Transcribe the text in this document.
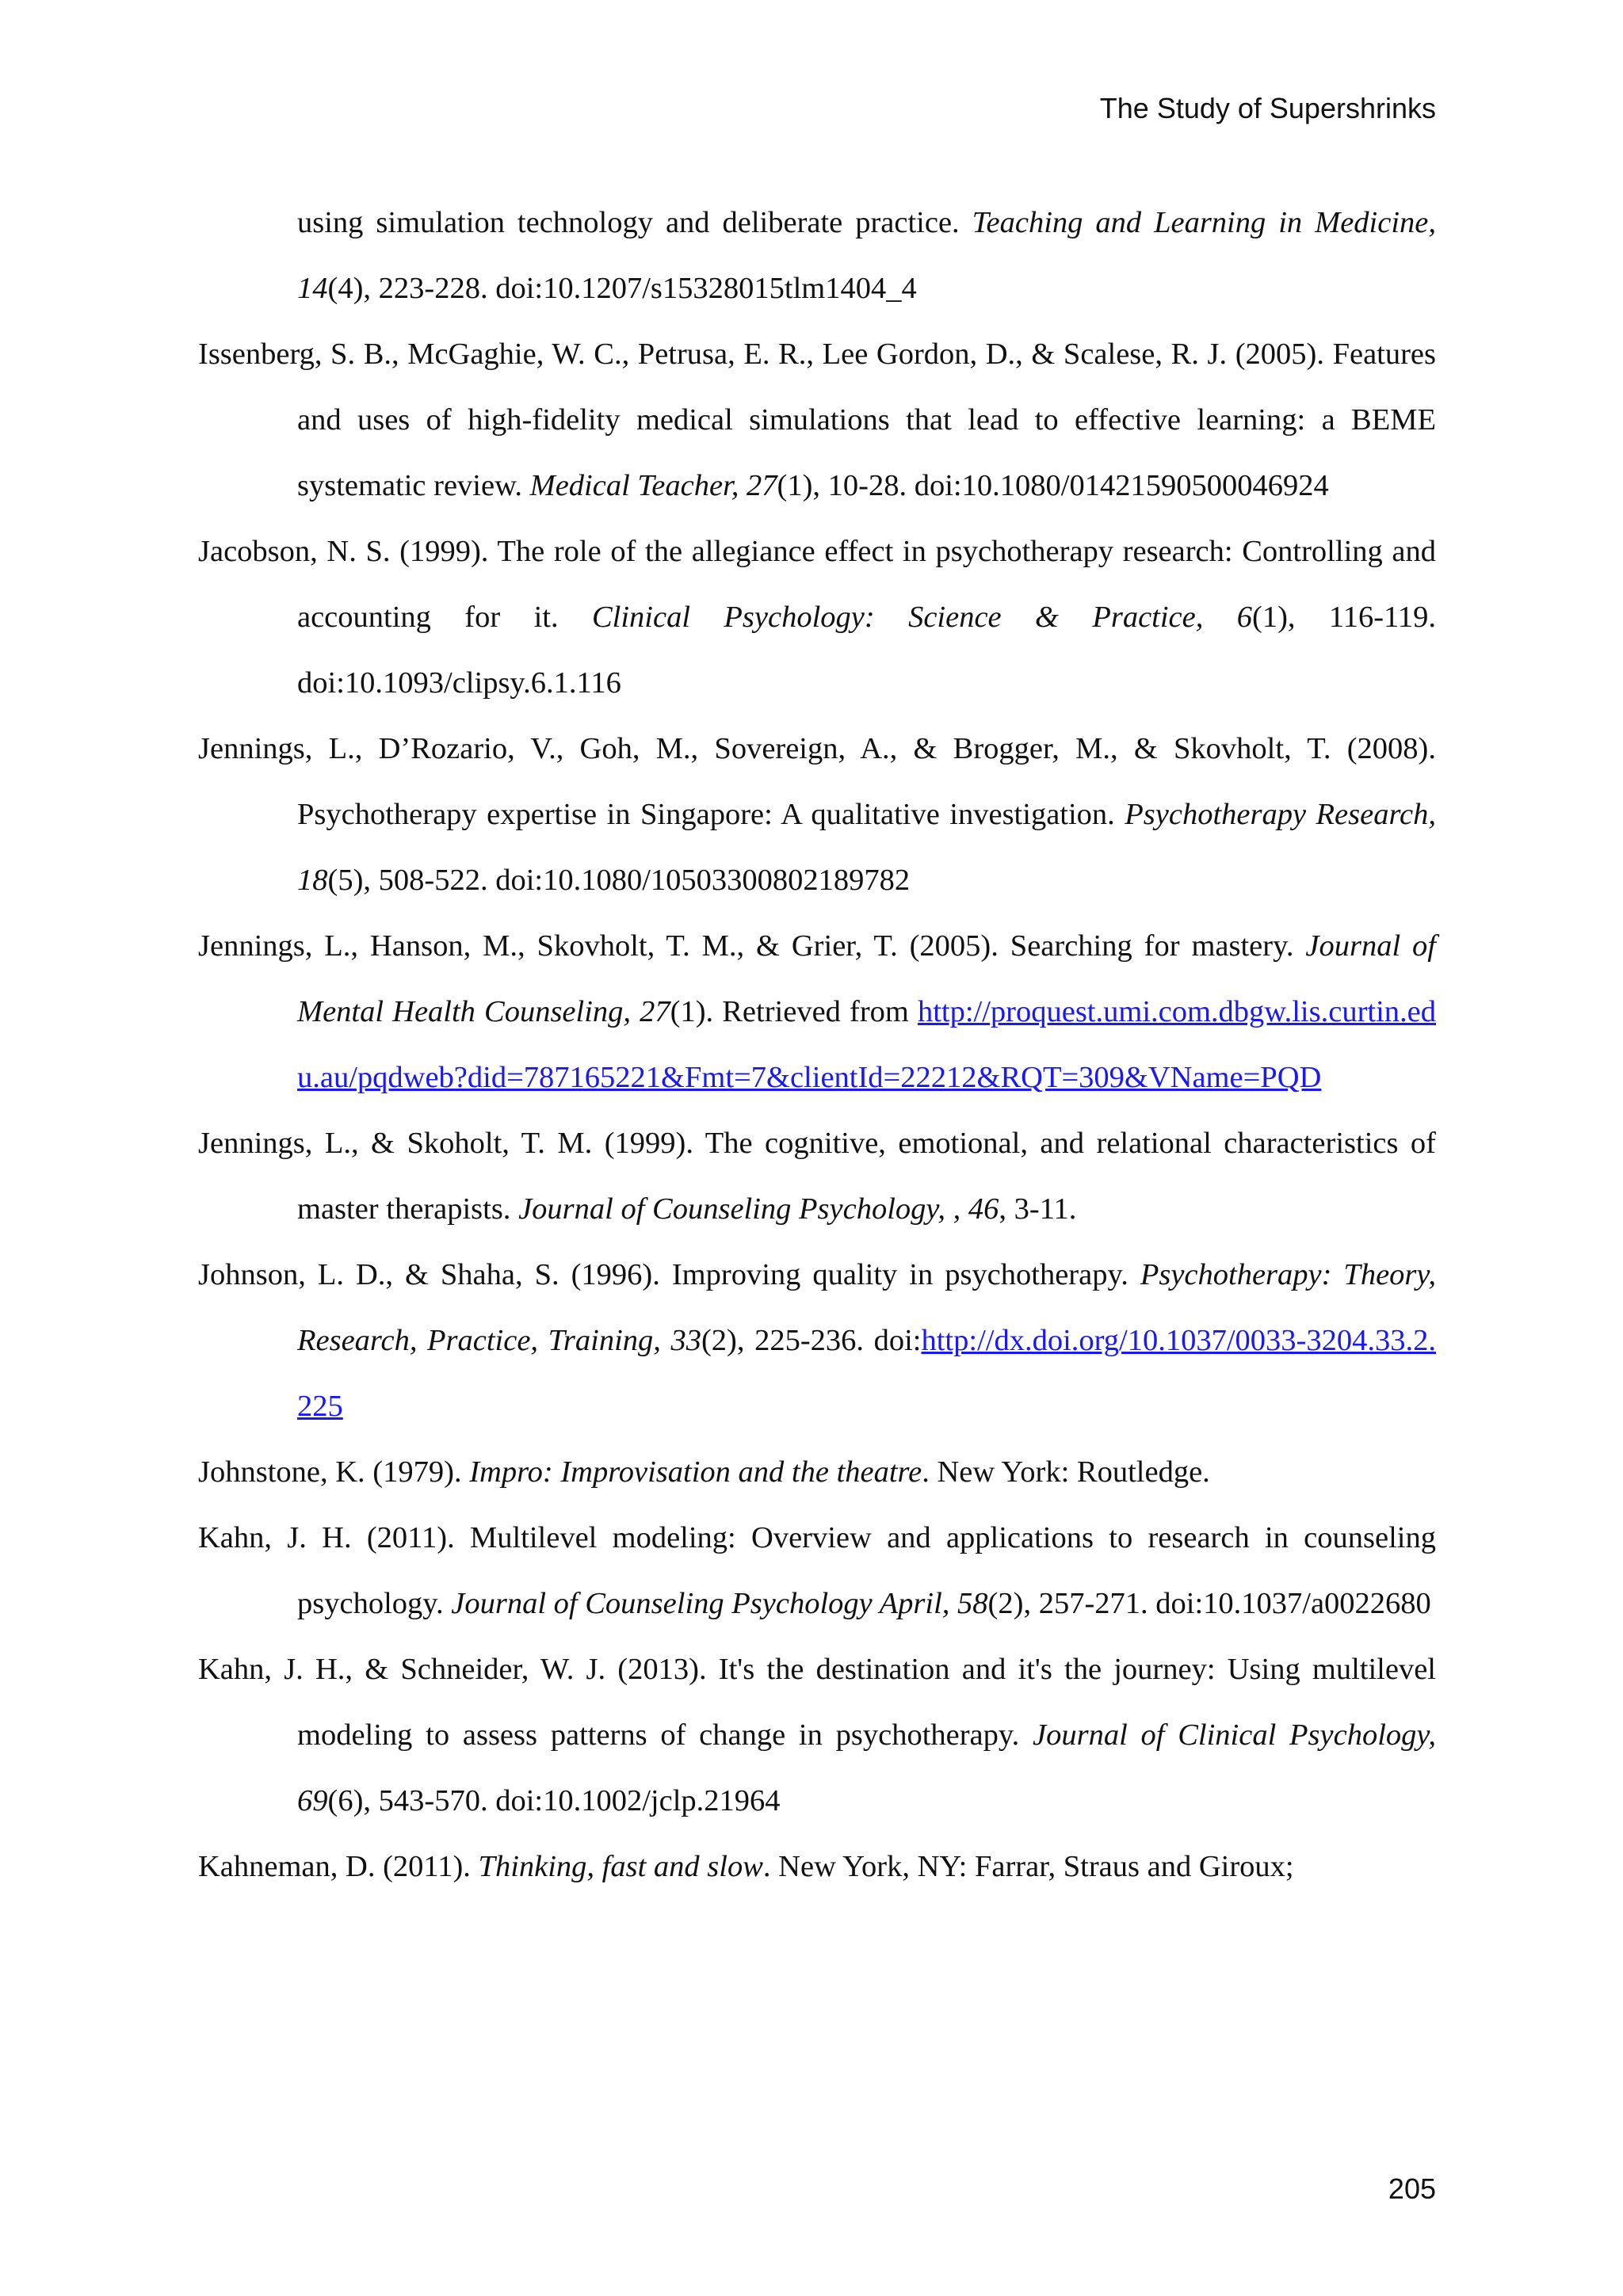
The Study of Supershrinks

using simulation technology and deliberate practice. Teaching and Learning in Medicine, 14(4), 223-228. doi:10.1207/s15328015tlm1404_4

Issenberg, S. B., McGaghie, W. C., Petrusa, E. R., Lee Gordon, D., & Scalese, R. J. (2005). Features and uses of high-fidelity medical simulations that lead to effective learning: a BEME systematic review. Medical Teacher, 27(1), 10-28. doi:10.1080/01421590500046924

Jacobson, N. S. (1999). The role of the allegiance effect in psychotherapy research: Controlling and accounting for it. Clinical Psychology: Science & Practice, 6(1), 116-119. doi:10.1093/clipsy.6.1.116

Jennings, L., D’Rozario, V., Goh, M., Sovereign, A., & Brogger, M., & Skovholt, T. (2008). Psychotherapy expertise in Singapore: A qualitative investigation. Psychotherapy Research, 18(5), 508-522. doi:10.1080/10503300802189782

Jennings, L., Hanson, M., Skovholt, T. M., & Grier, T. (2005). Searching for mastery. Journal of Mental Health Counseling, 27(1). Retrieved from http://proquest.umi.com.dbgw.lis.curtin.edu.au/pqdweb?did=787165221&Fmt=7&clientId=22212&RQT=309&VName=PQD

Jennings, L., & Skoholt, T. M. (1999). The cognitive, emotional, and relational characteristics of master therapists. Journal of Counseling Psychology, , 46, 3-11.

Johnson, L. D., & Shaha, S. (1996). Improving quality in psychotherapy. Psychotherapy: Theory, Research, Practice, Training, 33(2), 225-236. doi:http://dx.doi.org/10.1037/0033-3204.33.2.225

Johnstone, K. (1979). Impro: Improvisation and the theatre. New York: Routledge.

Kahn, J. H. (2011). Multilevel modeling: Overview and applications to research in counseling psychology. Journal of Counseling Psychology April, 58(2), 257-271. doi:10.1037/a0022680

Kahn, J. H., & Schneider, W. J. (2013). It's the destination and it's the journey: Using multilevel modeling to assess patterns of change in psychotherapy. Journal of Clinical Psychology, 69(6), 543-570. doi:10.1002/jclp.21964

Kahneman, D. (2011). Thinking, fast and slow. New York, NY: Farrar, Straus and Giroux;

205
